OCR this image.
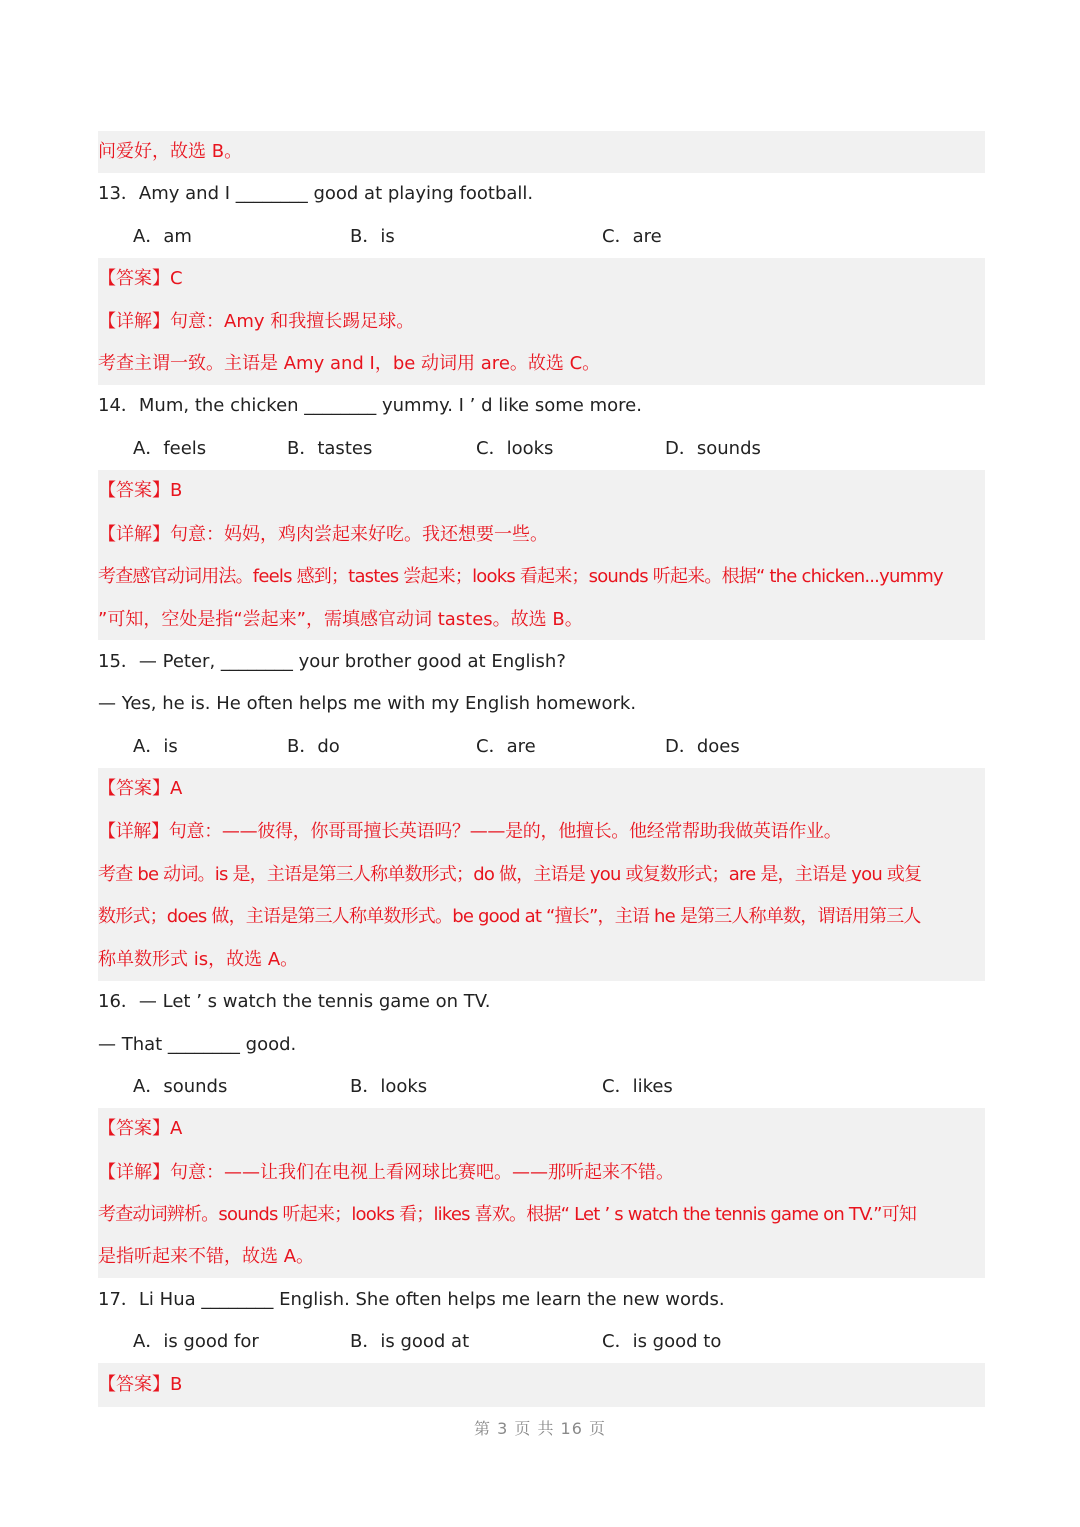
问爱好，故选 B。
13．Amy and I ________ good at playing football.
A．am	B．is	C．are
【答案】C
【详解】句意：Amy 和我擅长踢足球。
考查主谓一致。主语是 Amy and I，be 动词用 are。故选 C。
14．Mum, the chicken ________ yummy. I ’ d like some more.
A．feels	B．tastes	C．looks	D．sounds
【答案】B
【详解】句意：妈妈，鸡肉尝起来好吃。我还想要一些。
考查感官动词用法。feels 感到；tastes 尝起来；looks 看起来；sounds 听起来。根据“ the chicken...yummy
”可知，空处是指“尝起来”，需填感官动词 tastes。故选 B。
15．— Peter, ________ your brother good at English?
— Yes, he is. He often helps me with my English homework.
A．is	B．do	C．are	D．does
【答案】A
【详解】句意：——彼得，你哥哥擅长英语吗？——是的，他擅长。他经常帮助我做英语作业。
考查 be 动词。is 是，主语是第三人称单数形式；do 做，主语是 you 或复数形式；are 是，主语是 you 或复
数形式；does 做，主语是第三人称单数形式。be good at “擅长”，主语 he 是第三人称单数，谓语用第三人
称单数形式 is，故选 A。
16．— Let ’ s watch the tennis game on TV.
— That ________ good.
A．sounds	B．looks	C．likes
【答案】A
【详解】句意：——让我们在电视上看网球比赛吧。——那听起来不错。
考查动词辨析。sounds 听起来；looks 看；likes 喜欢。根据“ Let ’ s watch the tennis game on TV.”可知
是指听起来不错，故选 A。
17．Li Hua ________ English. She often helps me learn the new words.
A．is good for	B．is good at	C．is good to
【答案】B
第 3 页 共 16 页
